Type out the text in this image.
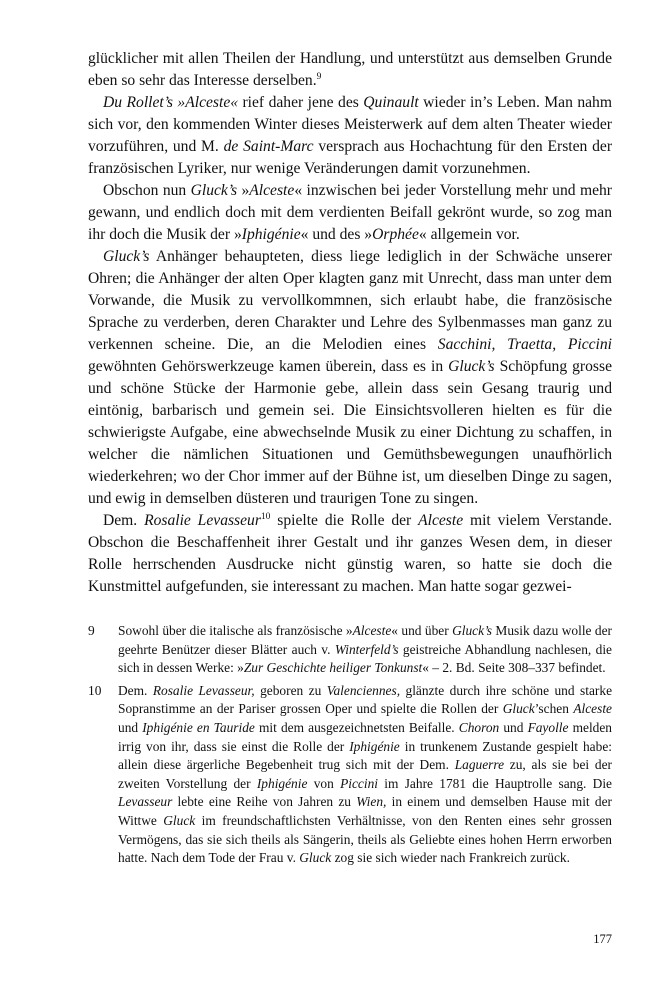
glücklicher mit allen Theilen der Handlung, und unterstützt aus demselben Grunde eben so sehr das Interesse derselben.$^9$

Du Rollet’s »Alceste« rief daher jene des Quinault wieder in’s Leben. Man nahm sich vor, den kommenden Winter dieses Meisterwerk auf dem alten Theater wieder vorzuführen, und M. de Saint-Marc versprach aus Hochachtung für den Ersten der französischen Lyriker, nur wenige Veränderungen damit vorzunehmen.

Obschon nun Gluck’s »Alceste« inzwischen bei jeder Vorstellung mehr und mehr gewann, und endlich doch mit dem verdienten Beifall gekrönt wurde, so zog man ihr doch die Musik der »Iphigénie« und des »Orphée« allgemein vor.

Gluck’s Anhänger behaupteten, diess liege lediglich in der Schwäche unserer Ohren; die Anhänger der alten Oper klagten ganz mit Unrecht, dass man unter dem Vorwande, die Musik zu vervollkommnen, sich erlaubt habe, die französische Sprache zu verderben, deren Charakter und Lehre des Sylbenmasses man ganz zu verkennen scheine. Die, an die Melodien eines Sacchini, Traetta, Piccini gewöhnten Gehörswerkzeuge kamen überein, dass es in Gluck’s Schöpfung grosse und schöne Stücke der Harmonie gebe, allein dass sein Gesang traurig und eintönig, barbarisch und gemein sei. Die Einsichtsvolleren hielten es für die schwierigste Aufgabe, eine abwechselnde Musik zu einer Dichtung zu schaffen, in welcher die nämlichen Situationen und Gemüthsbewegungen unaufhörlich wiederkehren; wo der Chor immer auf der Bühne ist, um dieselben Dinge zu sagen, und ewig in demselben düsteren und traurigen Tone zu singen.

Dem. Rosalie Levasseur$^{10}$ spielte die Rolle der Alceste mit vielem Verstande. Obschon die Beschaffenheit ihrer Gestalt und ihr ganzes Wesen dem, in dieser Rolle herrschenden Ausdrucke nicht günstig waren, so hatte sie doch die Kunstmittel aufgefunden, sie interessant zu machen. Man hatte sogar gezwei-

9	Sowohl über die italische als französische »Alceste« und über Gluck’s Musik dazu wolle der geehrte Benützer dieser Blätter auch v. Winterfeld’s geistreiche Abhandlung nachlesen, die sich in dessen Werke: »Zur Geschichte heiliger Tonkunst« – 2. Bd. Seite 308–337 befindet.
10	Dem. Rosalie Levasseur, geboren zu Valenciennes, glänzte durch ihre schöne und starke Sopranstimme an der Pariser grossen Oper und spielte die Rollen der Gluck’schen Alceste und Iphigénie en Tauride mit dem ausgezeichnetsten Beifalle. Choron und Fayolle melden irrig von ihr, dass sie einst die Rolle der Iphigénie in trunkenem Zustande gespielt habe: allein diese ärgerliche Begebenheit trug sich mit der Dem. Laguerre zu, als sie bei der zweiten Vorstellung der Iphigénie von Piccini im Jahre 1781 die Hauptrolle sang. Die Levasseur lebte eine Reihe von Jahren zu Wien, in einem und demselben Hause mit der Wittwe Gluck im freundschaftlichsten Verhältnisse, von den Renten eines sehr grossen Vermögens, das sie sich theils als Sängerin, theils als Geliebte eines hohen Herrn erworben hatte. Nach dem Tode der Frau v. Gluck zog sie sich wieder nach Frankreich zurück.
177
